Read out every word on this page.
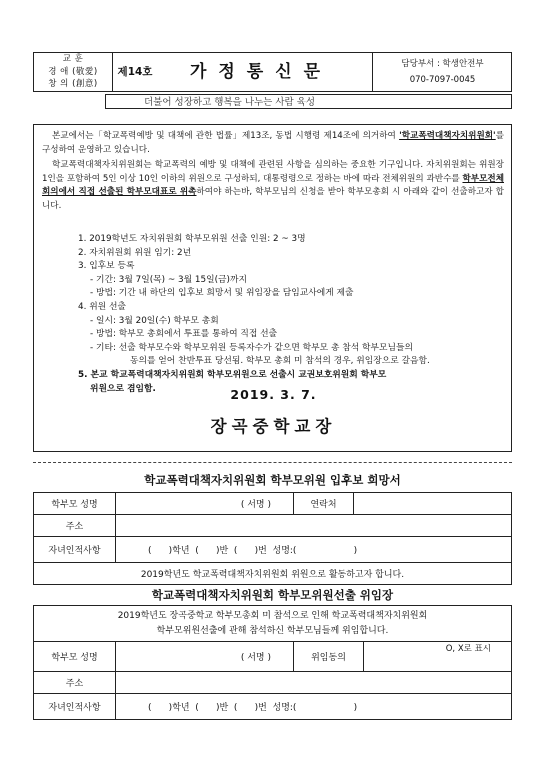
교 훈
경 애 (敬愛)
창 의 (創意)
제14호	가정통신문	담당부서 : 학생안전부
070-7097-0045
더불어 성장하고 행복을 나누는 사람 육성

본교에서는「학교폭력예방 및 대책에 관한 법률」제13조, 동법 시행령 제14조에 의거하여 '학교폭력대책자치위원회'를 구성하여 운영하고 있습니다.

학교폭력대책자치위원회는 학교폭력의 예방 및 대책에 관련된 사항을 심의하는 중요한 기구입니다. 자치위원회는 위원장 1인을 포함하여 5인 이상 10인 이하의 위원으로 구성하되, 대통령령으로 정하는 바에 따라 전체위원의 과반수를 학부모전체회의에서 직접 선출된 학부모대표로 위촉하여야 하는바, 학부모님의 신청을 받아 학부모총회 시 아래와 같이 선출하고자 합니다.

1. 2019학년도 자치위원회 학부모위원 선출 인원: 2 ~ 3명
2. 자치위원회 위원 임기: 2년
3. 입후보 등록
- 기간: 3월 7일(목) ~ 3월 15일(금)까지
- 방법: 기간 내 하단의 입후보 희망서 및 위임장을 담임교사에게 제출
4. 위원 선출
- 일시: 3월 20일(수) 학부모 총회
- 방법: 학부모 총회에서 투표를 통하여 직접 선출
- 기타: 선출 학부모수와 학부모위원 등록자수가 같으면 학부모 총 참석 학부모님들의
동의를 얻어 찬반투표 당선됨. 학부모 총회 미 참석의 경우, 위임장으로 갈음함.
5. 본교 학교폭력대책자치위원회 학부모위원으로 선출시 교권보호위원회 학부모
위원으로 겸임함.	2019. 3. 7.
장곡중학교장
학교폭력대책자치위원회 학부모위원 입후보 희망서
학부모 성명	( 서명 )	연락처	
주소			
자녀인적사항	(      )학년  (      )반  (      )번  성명:(                    )		
2019학년도 학교폭력대책자치위원회 위원으로 활동하고자 합니다.			
학교폭력대책자치위원회 학부모위원선출 위임장
2019학년도 장곡중학교 학부모총회 미 참석으로 인해 학교폭력대책자치위원회
학부모위원선출에 관해 참석하신 학부모님들께 위임합니다.			

학부모 성명	( 서명 )	위임동의	O, X로 표시
주소			
자녀인적사항	(      )학년  (      )반  (      )번  성명:(                    )		
